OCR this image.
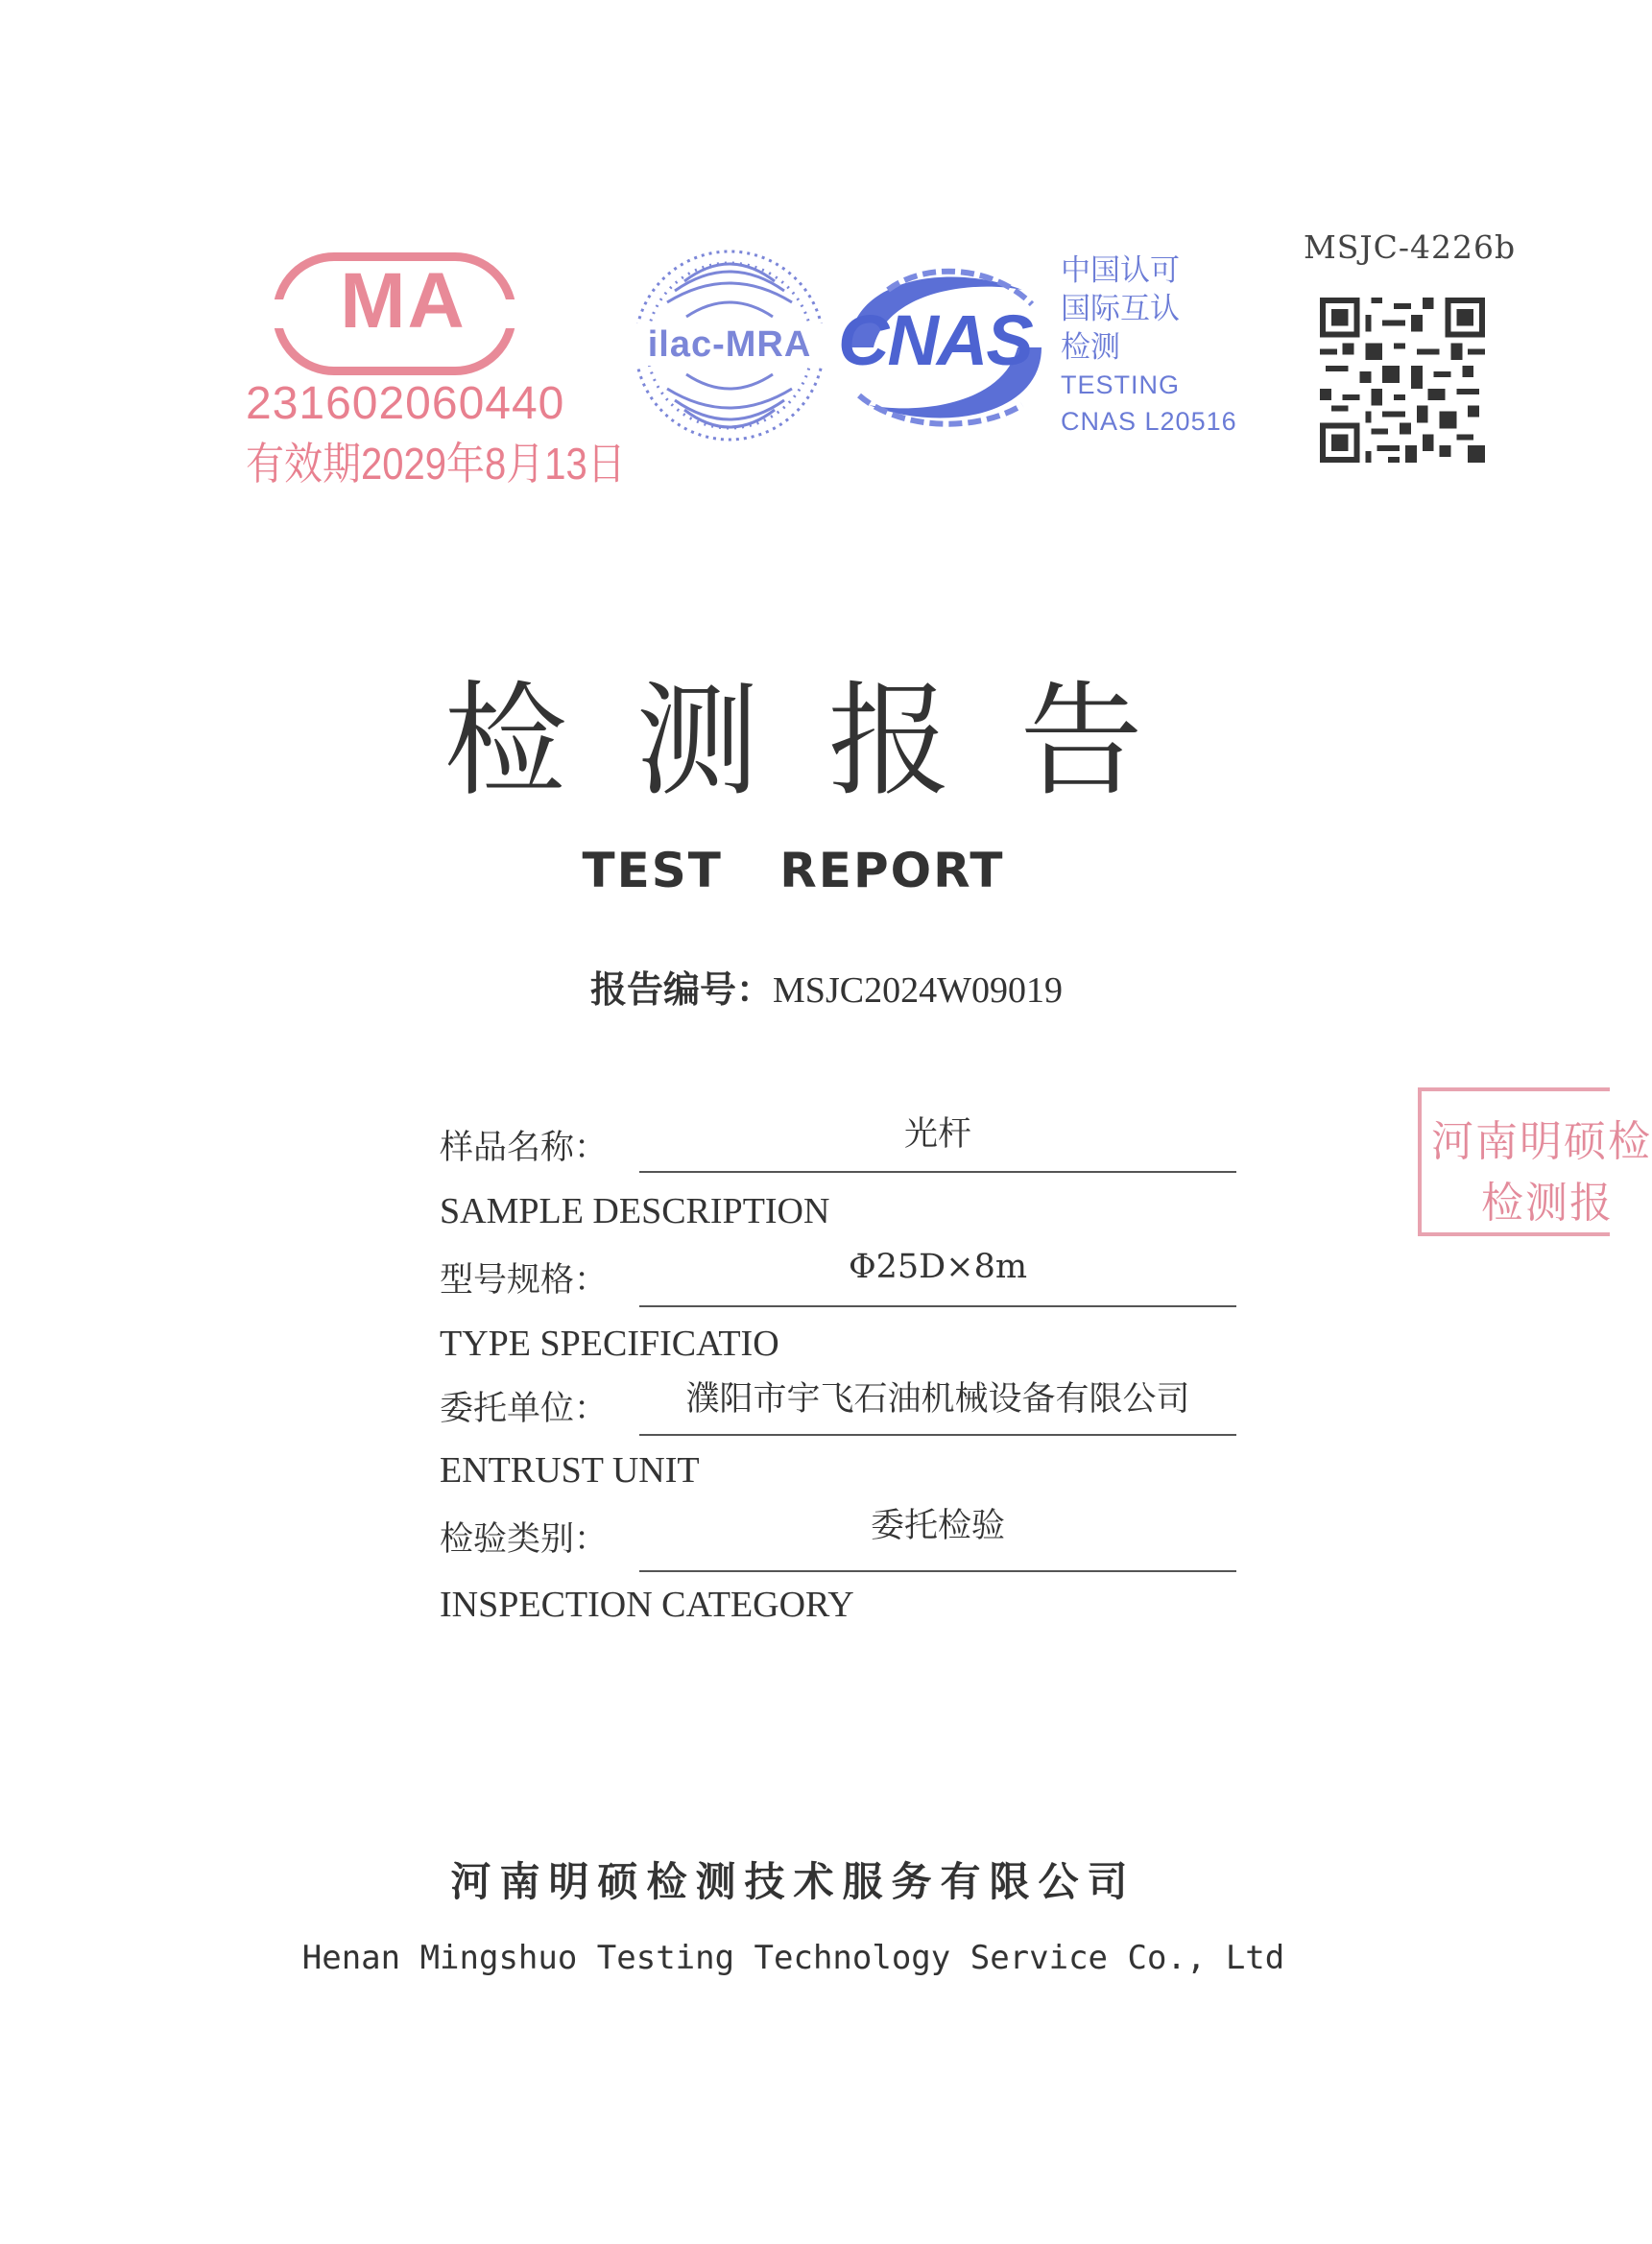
MA
231602060440
有效期2029年8月13日
ilac-MRA CNAS
中国认可
国际互认
检测
TESTING
CNAS L20516
MSJC-4226b
检测报告
TEST REPORT
报告编号：MSJC2024W09019
样品名称：	光杆
SAMPLE DESCRIPTION
型号规格：	Φ25D×8m
TYPE SPECIFICATIO
委托单位：	濮阳市宇飞石油机械设备有限公司
ENTRUST UNIT
检验类别：	委托检验
INSPECTION CATEGORY
河南明硕检
检测报
河南明硕检测技术服务有限公司
Henan Mingshuo Testing Technology Service Co., Ltd
